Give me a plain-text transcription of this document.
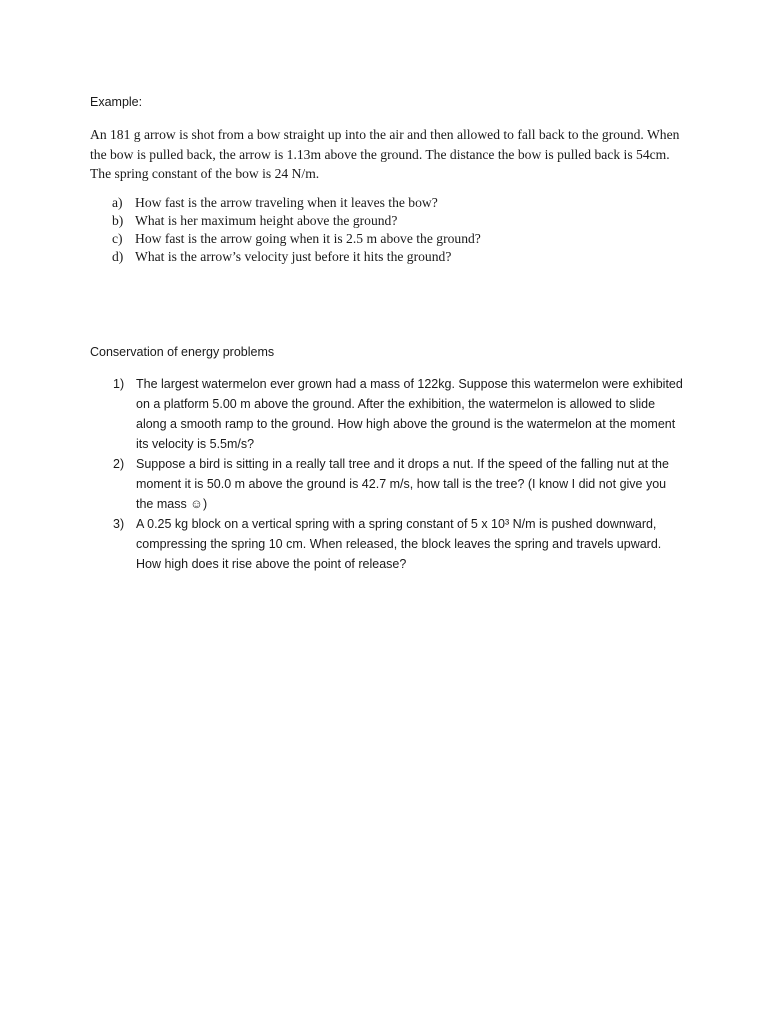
Example:

An 181 g arrow is shot from a bow straight up into the air and then allowed to fall back to the ground. When the bow is pulled back, the arrow is 1.13m above the ground. The distance the bow is pulled back is 54cm. The spring constant of the bow is 24 N/m.

a) How fast is the arrow traveling when it leaves the bow?
b) What is her maximum height above the ground?
c) How fast is the arrow going when it is 2.5 m above the ground?
d) What is the arrow’s velocity just before it hits the ground?

Conservation of energy problems

1) The largest watermelon ever grown had a mass of 122kg. Suppose this watermelon were exhibited on a platform 5.00 m above the ground. After the exhibition, the watermelon is allowed to slide along a smooth ramp to the ground. How high above the ground is the watermelon at the moment its velocity is 5.5m/s?
2) Suppose a bird is sitting in a really tall tree and it drops a nut. If the speed of the falling nut at the moment it is 50.0 m above the ground is 42.7 m/s, how tall is the tree? (I know I did not give you the mass ☺)
3) A 0.25 kg block on a vertical spring with a spring constant of 5 x 10³ N/m is pushed downward, compressing the spring 10 cm. When released, the block leaves the spring and travels upward. How high does it rise above the point of release?
